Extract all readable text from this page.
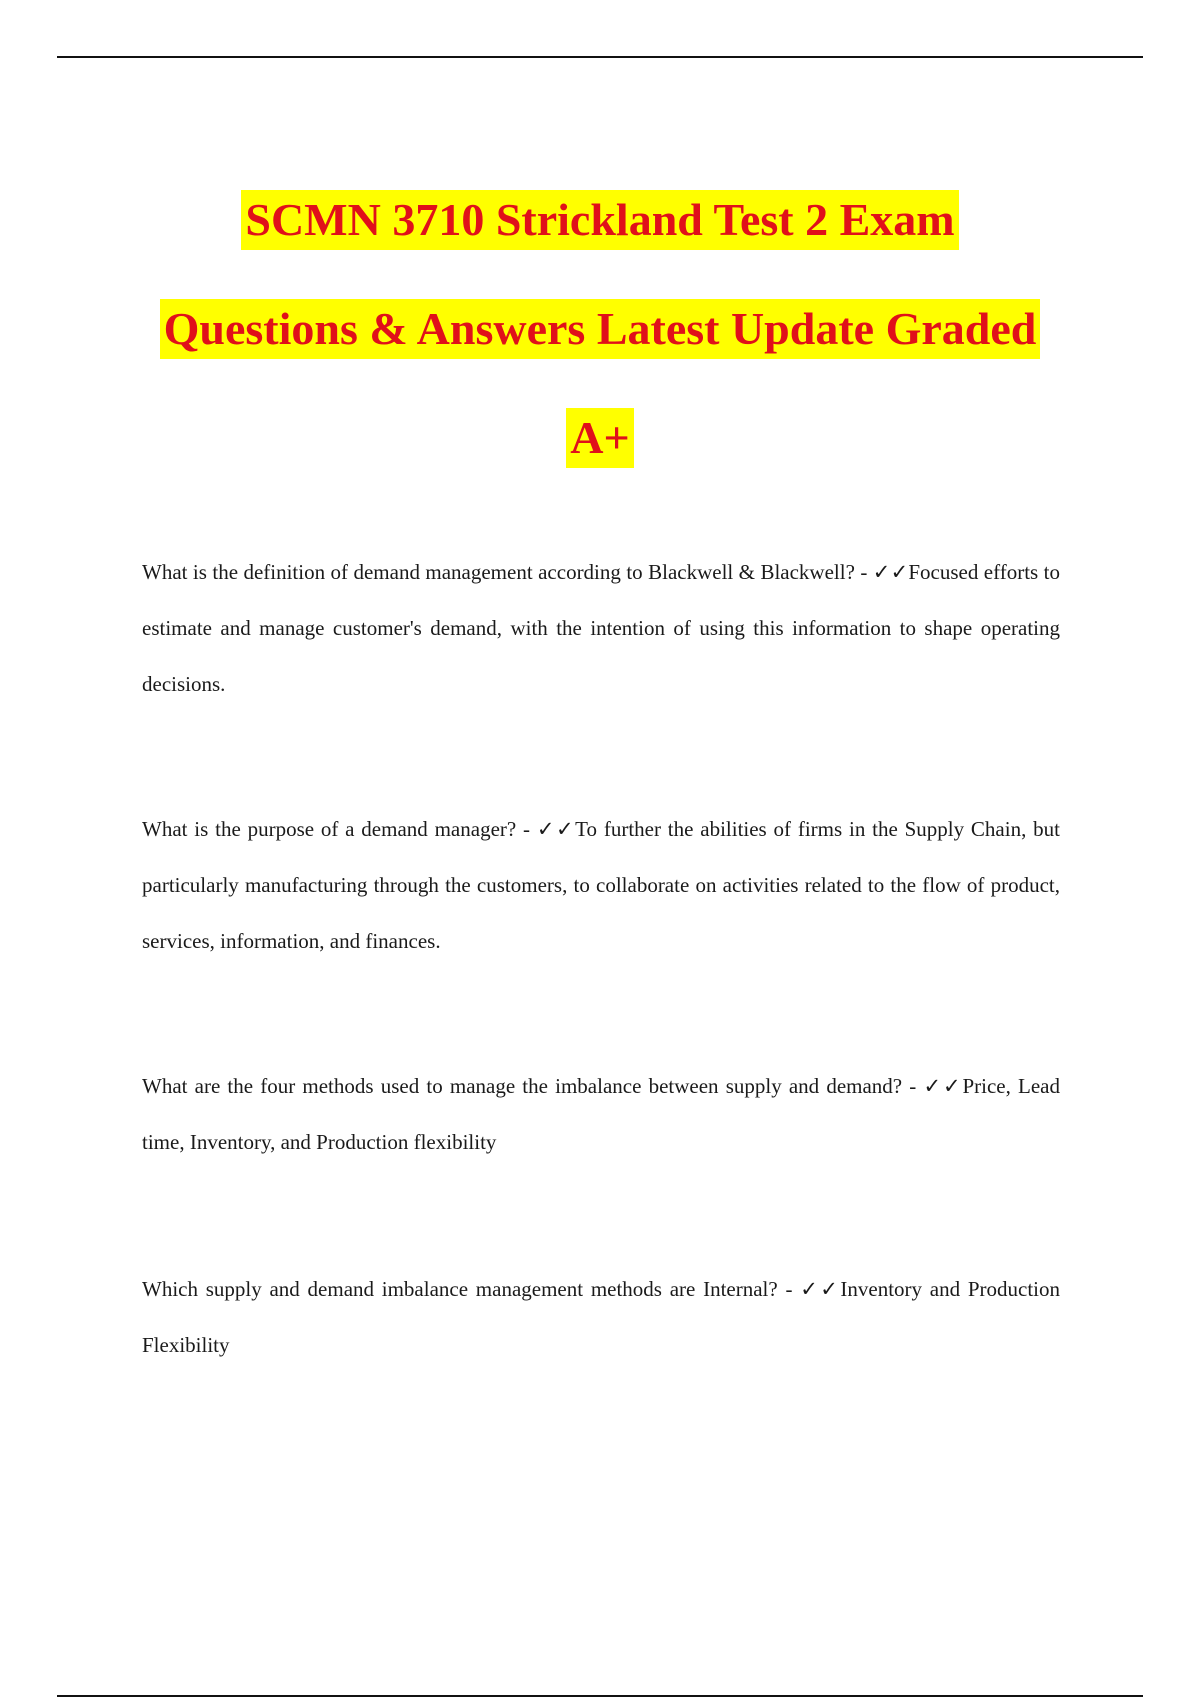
SCMN 3710 Strickland Test 2 Exam
Questions & Answers Latest Update Graded
A+
What is the definition of demand management according to Blackwell & Blackwell? - ✓✓Focused efforts to estimate and manage customer's demand, with the intention of using this information to shape operating decisions.
What is the purpose of a demand manager? - ✓✓To further the abilities of firms in the Supply Chain, but particularly manufacturing through the customers, to collaborate on activities related to the flow of product, services, information, and finances.
What are the four methods used to manage the imbalance between supply and demand? - ✓✓Price, Lead time, Inventory, and Production flexibility
Which supply and demand imbalance management methods are Internal? - ✓✓Inventory and Production Flexibility
